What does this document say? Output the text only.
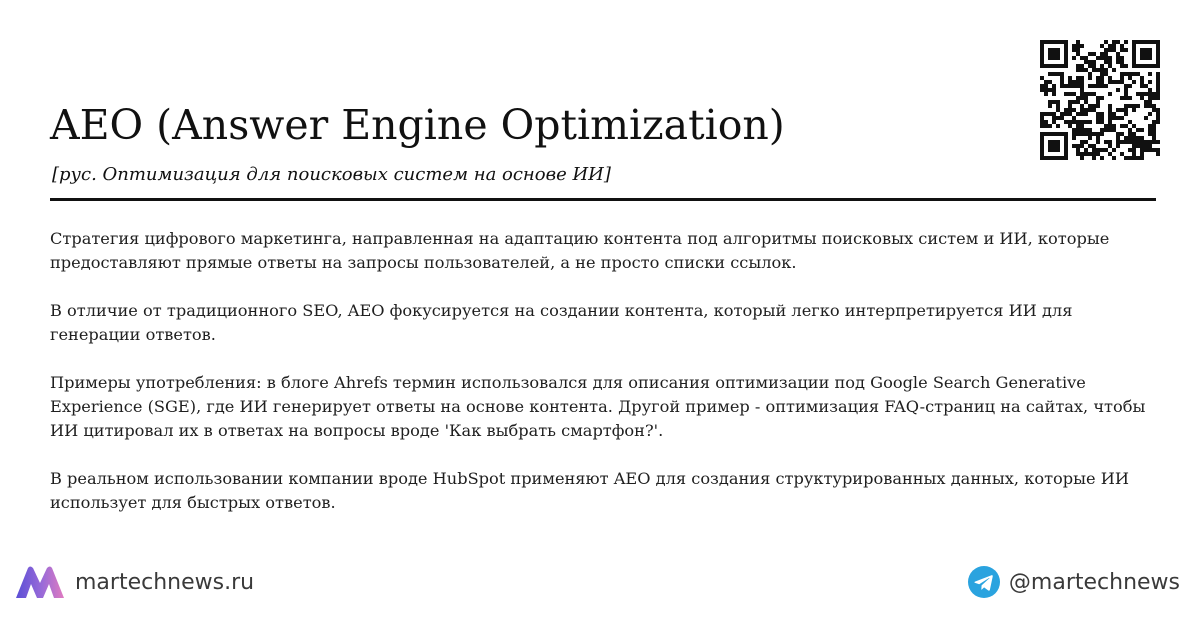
AEO (Answer Engine Optimization)
[рус. Оптимизация для поисковых систем на основе ИИ]

Стратегия цифрового маркетинга, направленная на адаптацию контента под алгоритмы поисковых систем и ИИ, которые предоставляют прямые ответы на запросы пользователей, а не просто списки ссылок.

В отличие от традиционного SEO, AEO фокусируется на создании контента, который легко интерпретируется ИИ для генерации ответов.

Примеры употребления: в блоге Ahrefs термин использовался для описания оптимизации под Google Search Generative Experience (SGE), где ИИ генерирует ответы на основе контента. Другой пример - оптимизация FAQ-страниц на сайтах, чтобы ИИ цитировал их в ответах на вопросы вроде 'Как выбрать смартфон?'.

В реальном использовании компании вроде HubSpot применяют AEO для создания структурированных данных, которые ИИ использует для быстрых ответов.

martechnews.ru	@martechnews
